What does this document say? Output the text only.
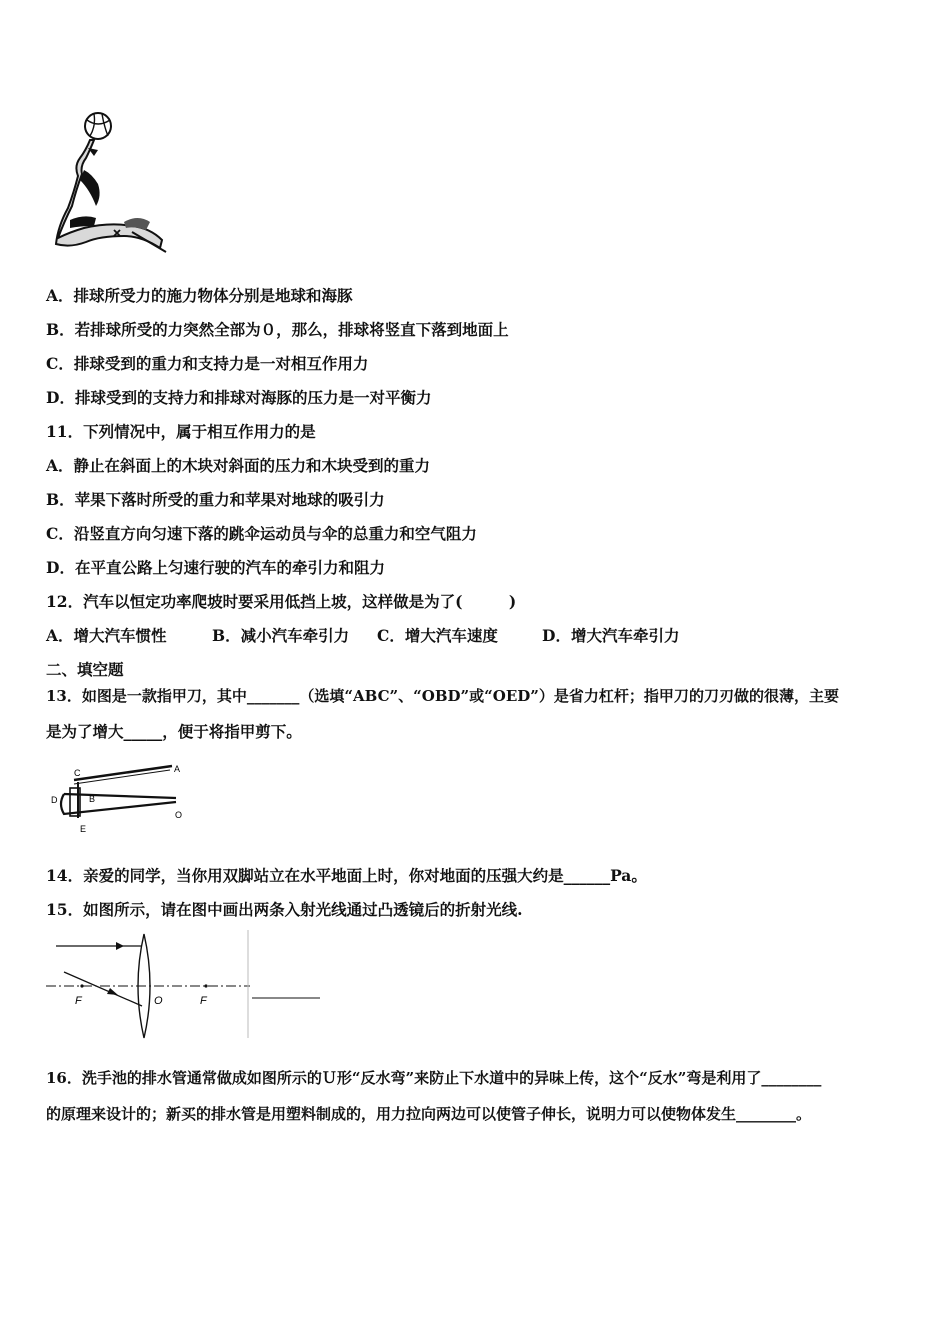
A．排球所受力的施力物体分别是地球和海豚
B．若排球所受的力突然全部为０，那么，排球将竖直下落到地面上
C．排球受到的重力和支持力是一对相互作用力
D．排球受到的支持力和排球对海豚的压力是一对平衡力
11．下列情况中，属于相互作用力的是
A．静止在斜面上的木块对斜面的压力和木块受到的重力
B．苹果下落时所受的重力和苹果对地球的吸引力
C．沿竖直方向匀速下落的跳伞运动员与伞的总重力和空气阻力
D．在平直公路上匀速行驶的汽车的牵引力和阻力
12．汽车以恒定功率爬坡时要采用低挡上坡，这样做是为了(　　　)
A．增大汽车惯性	B．减小汽车牵引力 C．增大汽车速度	D．增大汽车牵引力
二、填空题
13．如图是一款指甲刀，其中_______（选填“ABC”、“OBD”或“OED”）是省力杠杆；指甲刀的刀刃做的很薄，主要
是为了增大_____，便于将指甲剪下。
C	A
D	B
E
O
14．亲爱的同学，当你用双脚站立在水平地面上时，你对地面的压强大约是______Pa。
15．如图所示，请在图中画出两条入射光线通过凸透镜后的折射光线.
F	O	F
16．洗手池的排水管通常做成如图所示的Ｕ形“反水弯”来防止下水道中的异味上传，这个“反水”弯是利用了________
的原理来设计的；新买的排水管是用塑料制成的，用力拉向两边可以使管子伸长，说明力可以使物体发生________。
